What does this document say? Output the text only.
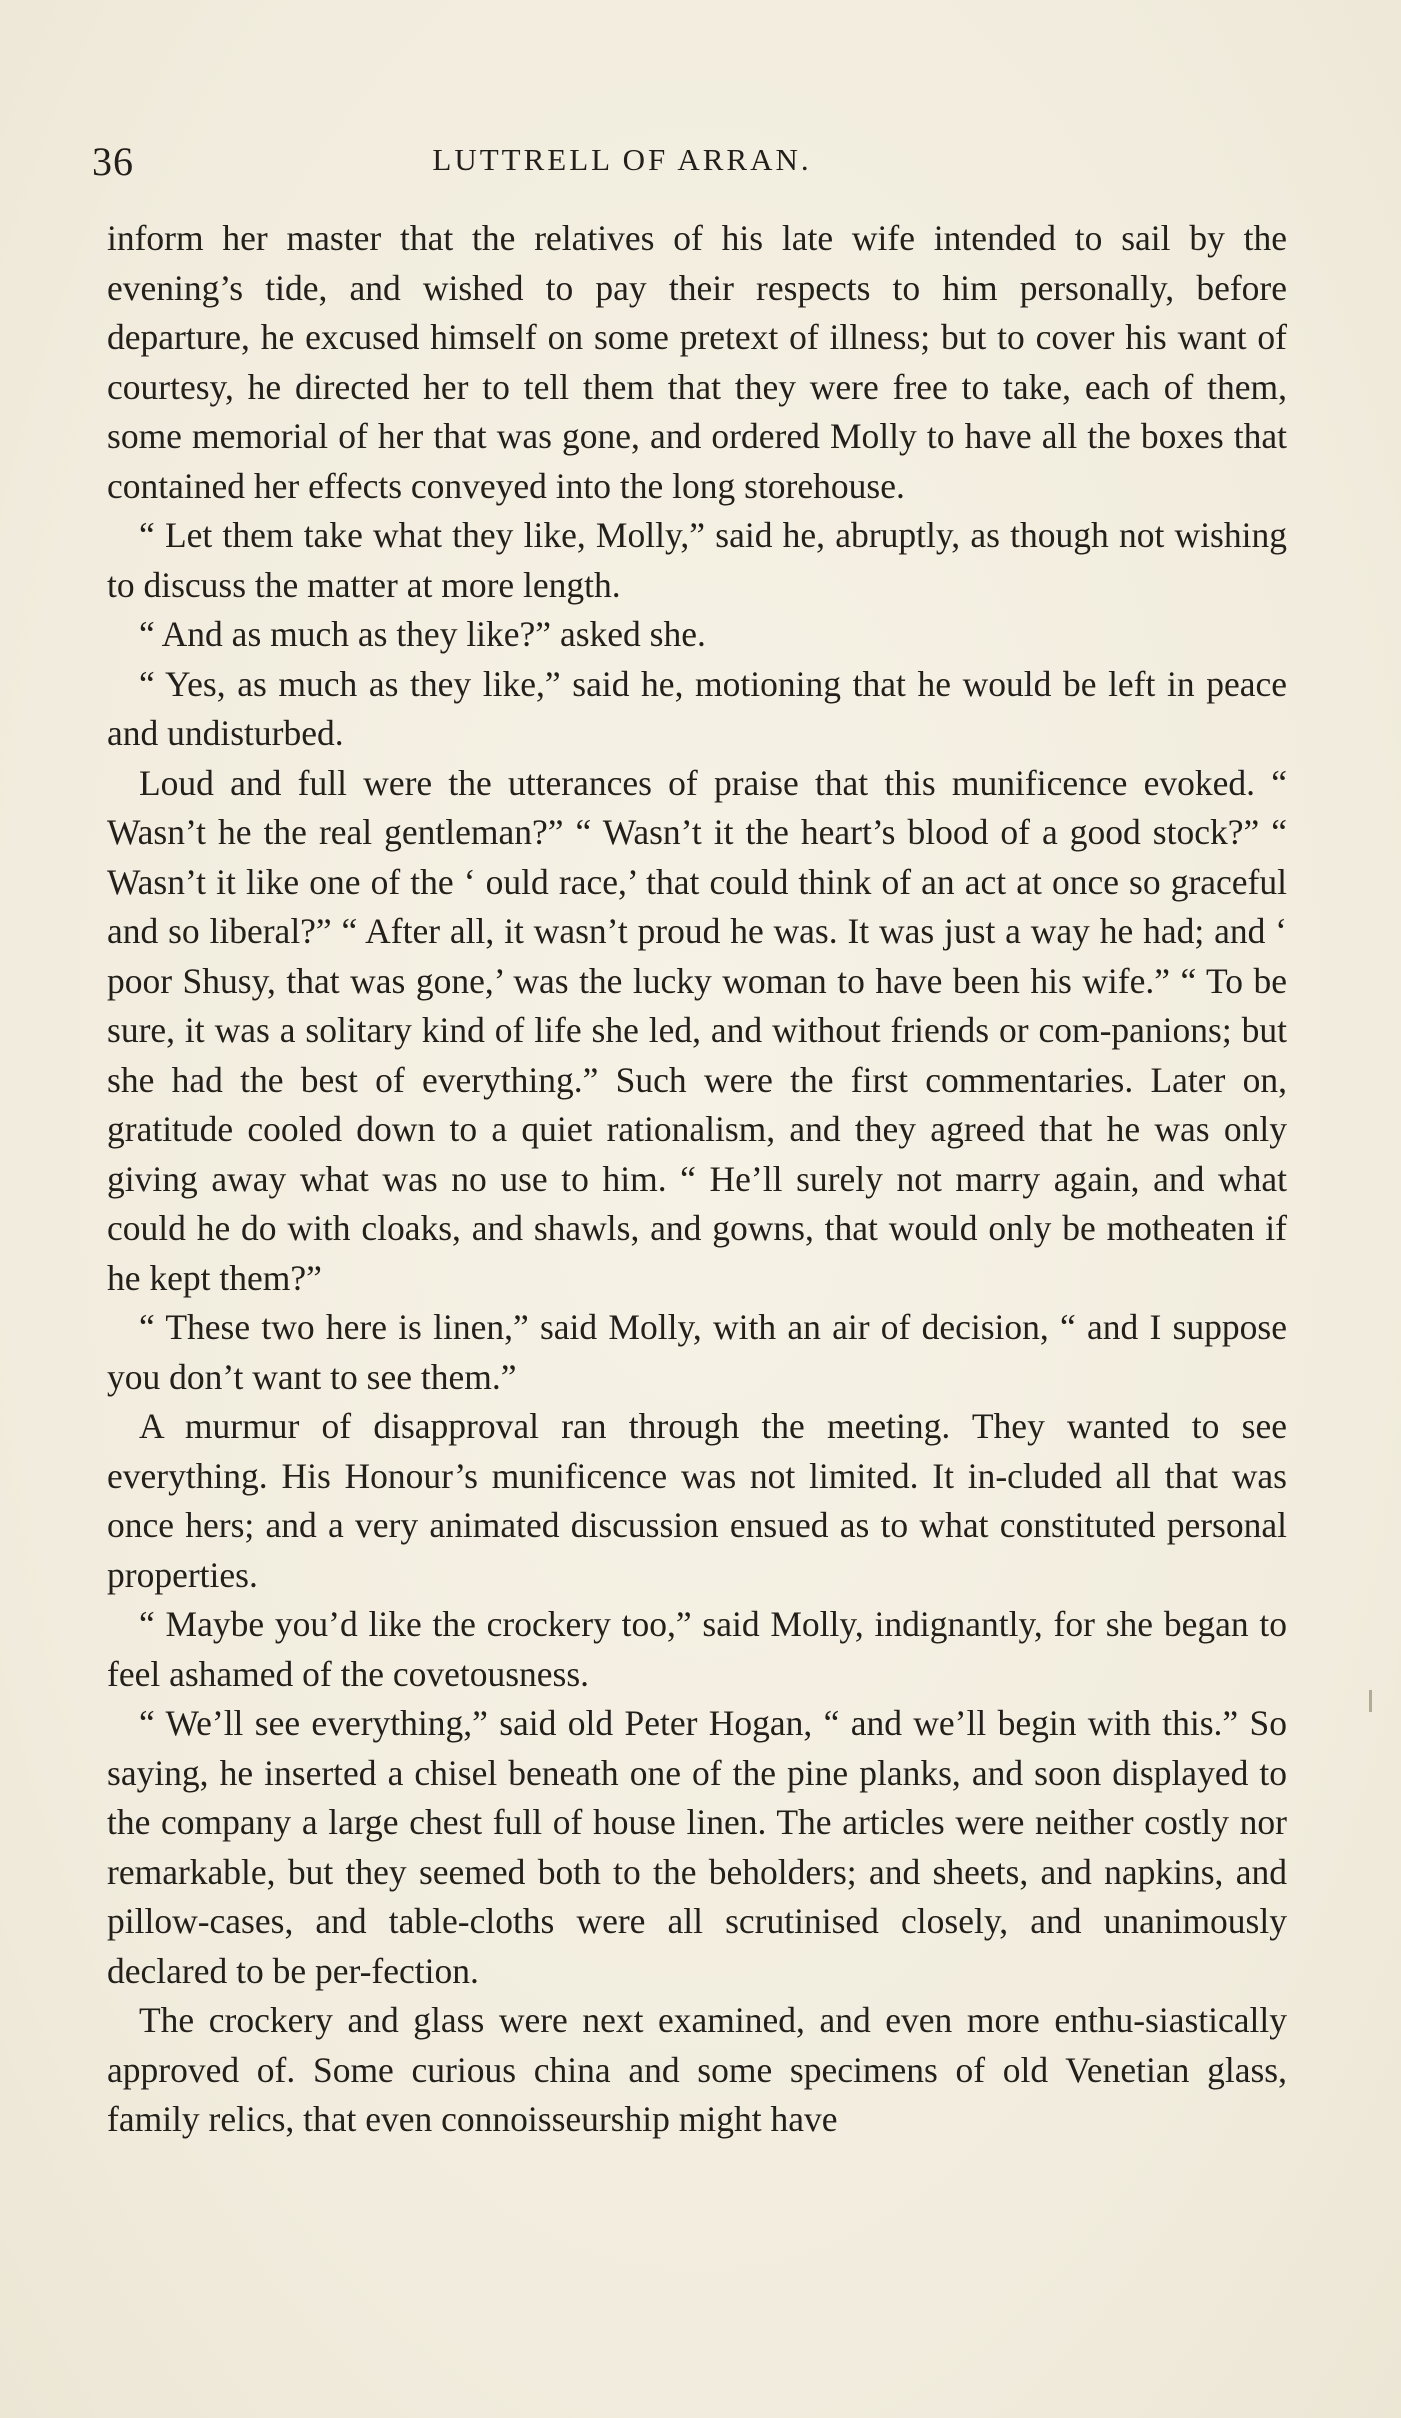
36	LUTTRELL OF ARRAN.

inform her master that the relatives of his late wife intended to sail by the evening’s tide, and wished to pay their respects to him personally, before departure, he excused himself on some pretext of illness; but to cover his want of courtesy, he directed her to tell them that they were free to take, each of them, some memorial of her that was gone, and ordered Molly to have all the boxes that contained her effects conveyed into the long storehouse.

“ Let them take what they like, Molly,” said he, abruptly, as though not wishing to discuss the matter at more length.

“ And as much as they like?” asked she.

“ Yes, as much as they like,” said he, motioning that he would be left in peace and undisturbed.

Loud and full were the utterances of praise that this munificence evoked. “ Wasn’t he the real gentleman?” “ Wasn’t it the heart’s blood of a good stock?” “ Wasn’t it like one of the ‘ ould race,’ that could think of an act at once so graceful and so liberal?” “ After all, it wasn’t proud he was. It was just a way he had; and ‘ poor Shusy, that was gone,’ was the lucky woman to have been his wife.” “ To be sure, it was a solitary kind of life she led, and without friends or com-panions; but she had the best of everything.” Such were the first commentaries. Later on, gratitude cooled down to a quiet rationalism, and they agreed that he was only giving away what was no use to him. “ He’ll surely not marry again, and what could he do with cloaks, and shawls, and gowns, that would only be motheaten if he kept them?”

“ These two here is linen,” said Molly, with an air of decision, “ and I suppose you don’t want to see them.”

A murmur of disapproval ran through the meeting. They wanted to see everything. His Honour’s munificence was not limited. It in-cluded all that was once hers; and a very animated discussion ensued as to what constituted personal properties.

“ Maybe you’d like the crockery too,” said Molly, indignantly, for she began to feel ashamed of the covetousness.

“ We’ll see everything,” said old Peter Hogan, “ and we’ll begin with this.” So saying, he inserted a chisel beneath one of the pine planks, and soon displayed to the company a large chest full of house linen. The articles were neither costly nor remarkable, but they seemed both to the beholders; and sheets, and napkins, and pillow-cases, and table-cloths were all scrutinised closely, and unanimously declared to be per-fection.

The crockery and glass were next examined, and even more enthu-siastically approved of. Some curious china and some specimens of old Venetian glass, family relics, that even connoisseurship might have
